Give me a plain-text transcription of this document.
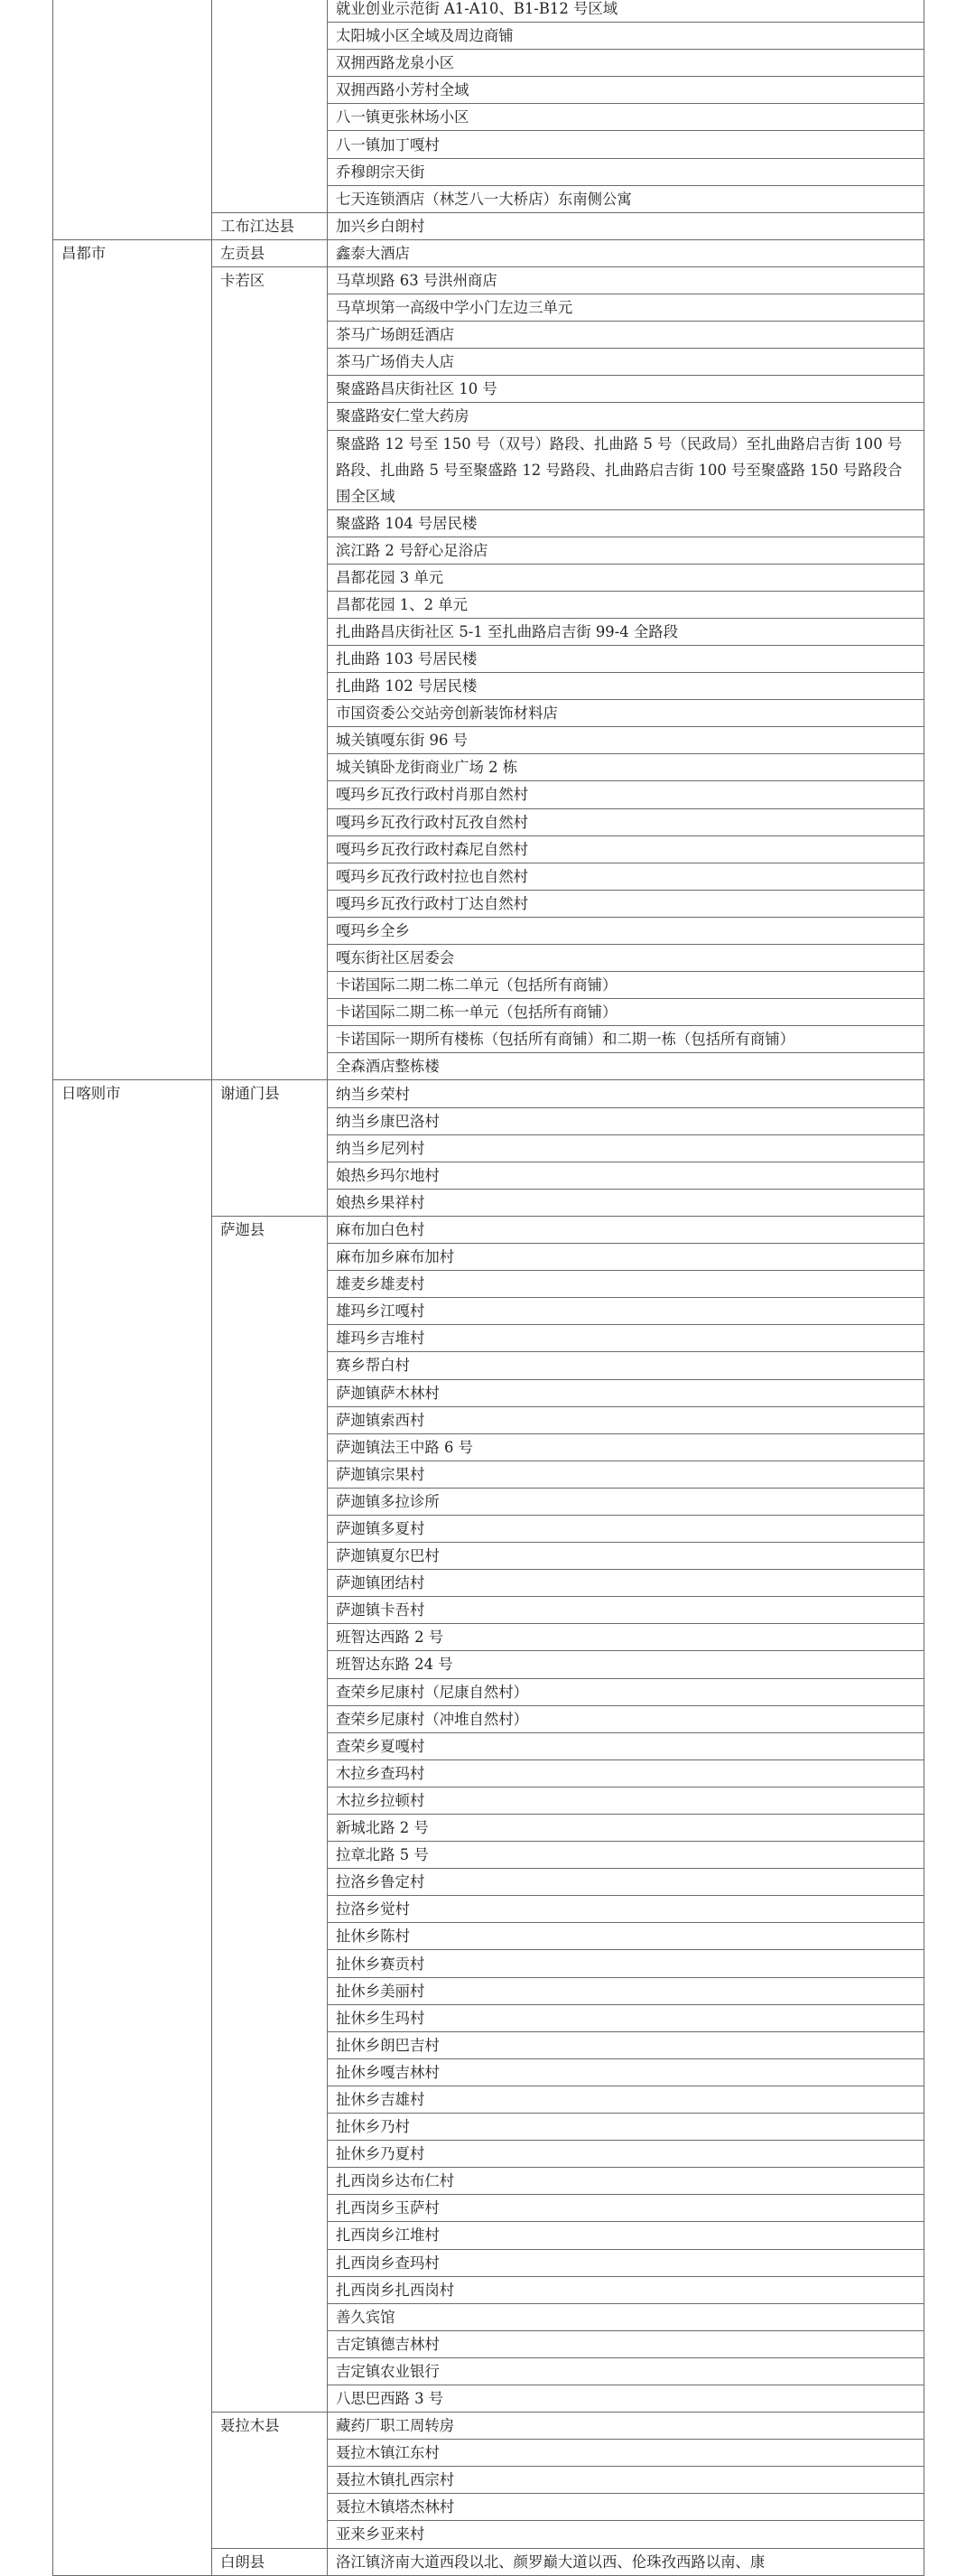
		就业创业示范街 A1-A10、B1-B12 号区域
		太阳城小区全域及周边商铺
		双拥西路龙泉小区
		双拥西路小芳村全域
		八一镇更张林场小区
		八一镇加丁嘎村
		乔穆朗宗天街
		七天连锁酒店（林芝八一大桥店）东南侧公寓
	工布江达县	加兴乡白朗村
昌都市	左贡县	鑫泰大酒店
	卡若区	马草坝路 63 号洪州商店
		马草坝第一高级中学小门左边三单元
		茶马广场朗廷酒店
		茶马广场俏夫人店
		聚盛路昌庆街社区 10 号
		聚盛路安仁堂大药房
		聚盛路 12 号至 150 号（双号）路段、扎曲路 5 号（民政局）至扎曲路启吉街 100 号路段、扎曲路 5 号至聚盛路 12 号路段、扎曲路启吉街 100 号至聚盛路 150 号路段合围全区域
		聚盛路 104 号居民楼
		滨江路 2 号舒心足浴店
		昌都花园 3 单元
		昌都花园 1、2 单元
		扎曲路昌庆街社区 5-1 至扎曲路启吉街 99-4 全路段
		扎曲路 103 号居民楼
		扎曲路 102 号居民楼
		市国资委公交站旁创新装饰材料店
		城关镇嘎东街 96 号
		城关镇卧龙街商业广场 2 栋
		嘎玛乡瓦孜行政村肖那自然村
		嘎玛乡瓦孜行政村瓦孜自然村
		嘎玛乡瓦孜行政村森尼自然村
		嘎玛乡瓦孜行政村拉也自然村
		嘎玛乡瓦孜行政村丁达自然村
		嘎玛乡全乡
		嘎东街社区居委会
		卡诺国际二期二栋二单元（包括所有商铺）
		卡诺国际二期二栋一单元（包括所有商铺）
		卡诺国际一期所有楼栋（包括所有商铺）和二期一栋（包括所有商铺）
		全森酒店整栋楼
日喀则市	谢通门县	纳当乡荣村
		纳当乡康巴洛村
		纳当乡尼列村
		娘热乡玛尔地村
		娘热乡果祥村
	萨迦县	麻布加白色村
		麻布加乡麻布加村
		雄麦乡雄麦村
		雄玛乡江嘎村
		雄玛乡吉堆村
		赛乡帮白村
		萨迦镇萨木林村
		萨迦镇索西村
		萨迦镇法王中路 6 号
		萨迦镇宗果村
		萨迦镇多拉诊所
		萨迦镇多夏村
		萨迦镇夏尔巴村
		萨迦镇团结村
		萨迦镇卡吾村
		班智达西路 2 号
		班智达东路 24 号
		查荣乡尼康村（尼康自然村）
		查荣乡尼康村（冲堆自然村）
		查荣乡夏嘎村
		木拉乡查玛村
		木拉乡拉顿村
		新城北路 2 号
		拉章北路 5 号
		拉洛乡鲁定村
		拉洛乡觉村
		扯休乡陈村
		扯休乡赛贡村
		扯休乡美丽村
		扯休乡生玛村
		扯休乡朗巴吉村
		扯休乡嘎吉林村
		扯休乡吉雄村
		扯休乡乃村
		扯休乡乃夏村
		扎西岗乡达布仁村
		扎西岗乡玉萨村
		扎西岗乡江堆村
		扎西岗乡查玛村
		扎西岗乡扎西岗村
		善久宾馆
		吉定镇德吉林村
		吉定镇农业银行
		八思巴西路 3 号
	聂拉木县	藏药厂职工周转房
		聂拉木镇江东村
		聂拉木镇扎西宗村
		聂拉木镇塔杰林村
		亚来乡亚来村
	白朗县	洛江镇济南大道西段以北、颜罗巅大道以西、伦珠孜西路以南、康
